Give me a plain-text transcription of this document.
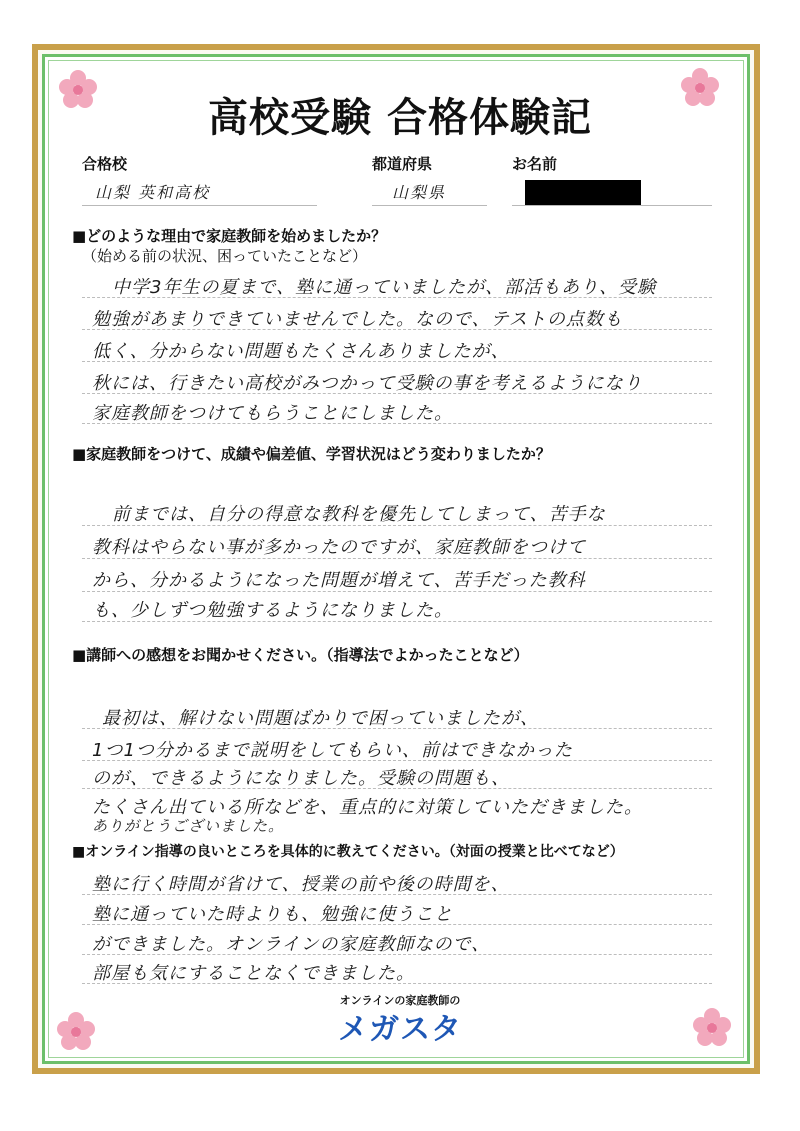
高校受験 合格体験記
合格校
山梨 英和高校
都道府県
山梨県
お名前
■どのような理由で家庭教師を始めましたか？
（始める前の状況、困っていたことなど）
中学3年生の夏まで、塾に通っていましたが、部活もあり、受験
勉強があまりできていませんでした。なので、テストの点数も
低く、分からない問題もたくさんありましたが、
秋には、行きたい高校がみつかって受験の事を考えるようになり
家庭教師をつけてもらうことにしました。
■家庭教師をつけて、成績や偏差値、学習状況はどう変わりましたか？
前までは、自分の得意な教科を優先してしまって、苦手な
教科はやらない事が多かったのですが、家庭教師をつけて
から、分かるようになった問題が増えて、苦手だった教科
も、少しずつ勉強するようになりました。
■講師への感想をお聞かせください。（指導法でよかったことなど）
最初は、解けない問題ばかりで困っていましたが、
1つ1つ分かるまで説明をしてもらい、前はできなかった
のが、できるようになりました。受験の問題も、
たくさん出ている所などを、重点的に対策していただきました。
ありがとうございました。
■オンライン指導の良いところを具体的に教えてください。（対面の授業と比べてなど）
塾に行く時間が省けて、授業の前や後の時間を、
塾に通っていた時よりも、勉強に使うこと
ができました。オンラインの家庭教師なので、
部屋も気にすることなくできました。
オンラインの家庭教師の
メガスタ
